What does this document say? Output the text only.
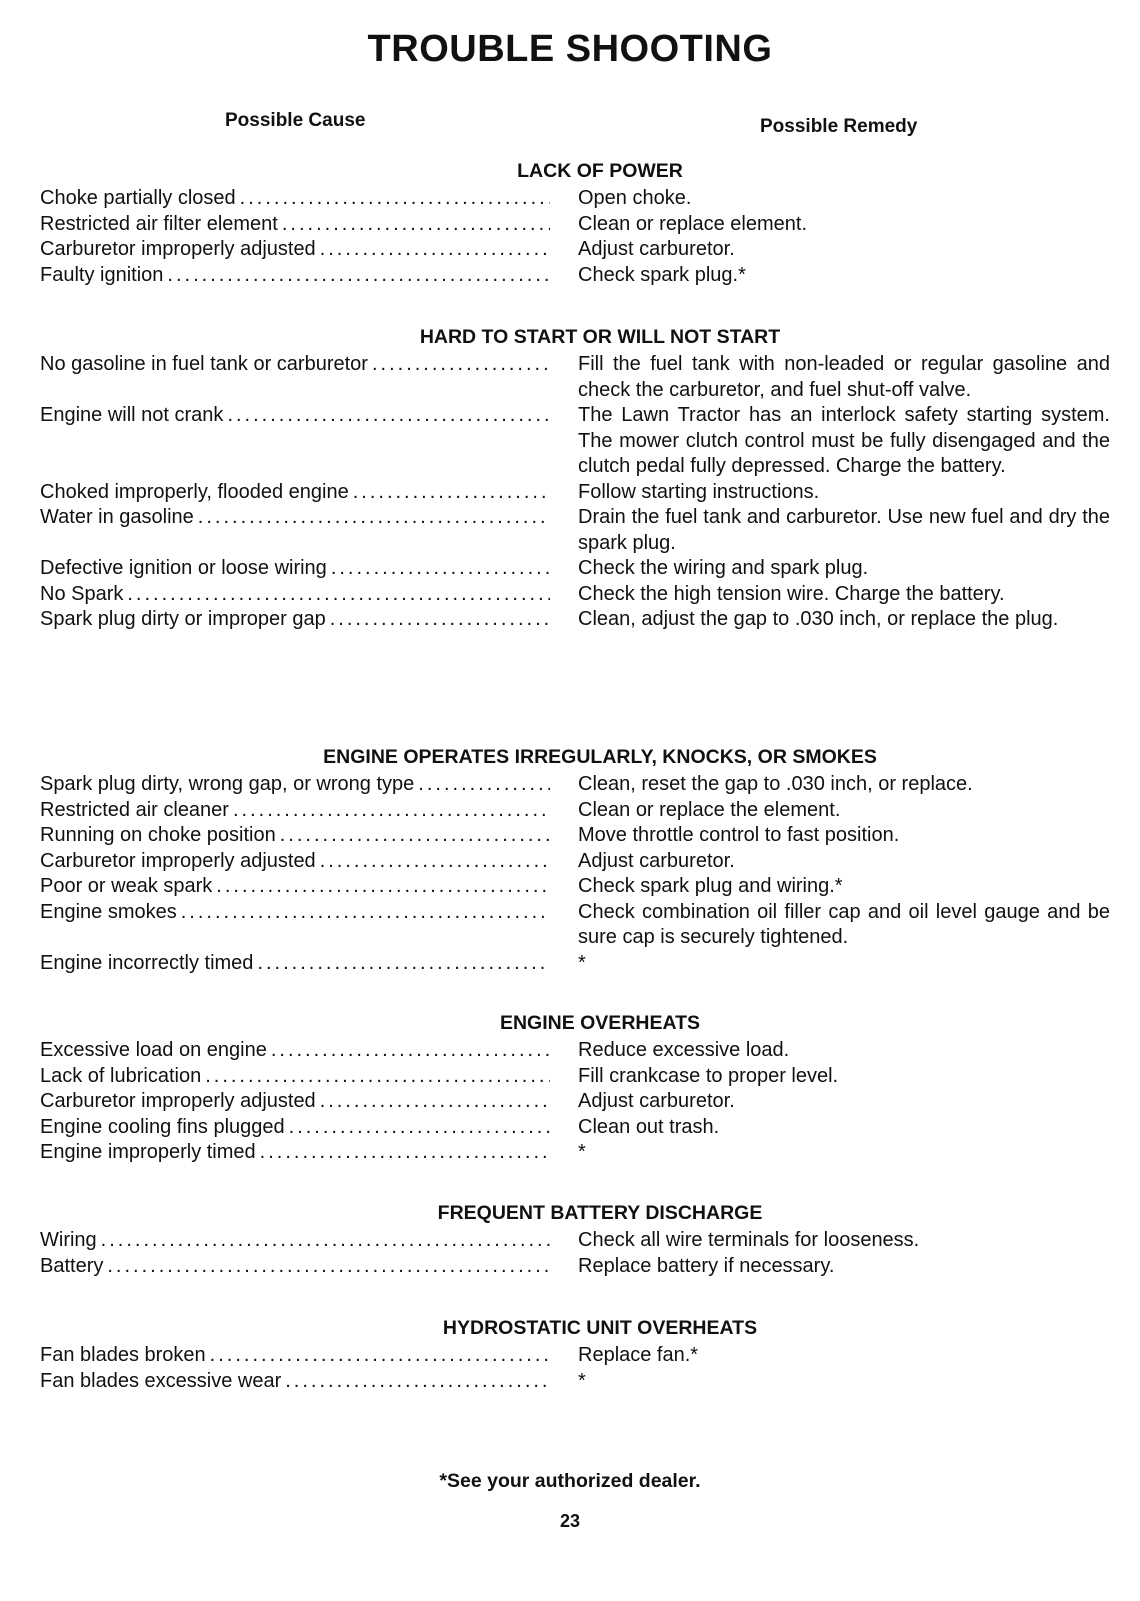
TROUBLE SHOOTING
Possible Cause	Possible Remedy
LACK OF POWER
Choke partially closed .....	Open choke.
Restricted air filter element .....	Clean or replace element.
Carburetor improperly adjusted .....	Adjust carburetor.
Faulty ignition .....	Check spark plug.*
HARD TO START OR WILL NOT START
No gasoline in fuel tank or carburetor .....	Fill the fuel tank with non-leaded or regular gasoline and check the carburetor, and fuel shut-off valve.
Engine will not crank .....	The Lawn Tractor has an interlock safety starting system. The mower clutch control must be fully disengaged and the clutch pedal fully depressed. Charge the battery.
Choked improperly, flooded engine .....	Follow starting instructions.
Water in gasoline .....	Drain the fuel tank and carburetor. Use new fuel and dry the spark plug.
Defective ignition or loose wiring .....	Check the wiring and spark plug.
No Spark .....	Check the high tension wire. Charge the battery.
Spark plug dirty or improper gap .....	Clean, adjust the gap to .030 inch, or replace the plug.
ENGINE OPERATES IRREGULARLY, KNOCKS, OR SMOKES
Spark plug dirty, wrong gap, or wrong type .....	Clean, reset the gap to .030 inch, or replace.
Restricted air cleaner .....	Clean or replace the element.
Running on choke position .....	Move throttle control to fast position.
Carburetor improperly adjusted .....	Adjust carburetor.
Poor or weak spark .....	Check spark plug and wiring.*
Engine smokes .....	Check combination oil filler cap and oil level gauge and be sure cap is securely tightened.
Engine incorrectly timed .....	*
ENGINE OVERHEATS
Excessive load on engine .....	Reduce excessive load.
Lack of lubrication .....	Fill crankcase to proper level.
Carburetor improperly adjusted .....	Adjust carburetor.
Engine cooling fins plugged .....	Clean out trash.
Engine improperly timed .....	*
FREQUENT BATTERY DISCHARGE
Wiring .....	Check all wire terminals for looseness.
Battery .....	Replace battery if necessary.
HYDROSTATIC UNIT OVERHEATS
Fan blades broken .....	Replace fan.*
Fan blades excessive wear .....	*
*See your authorized dealer.
23
